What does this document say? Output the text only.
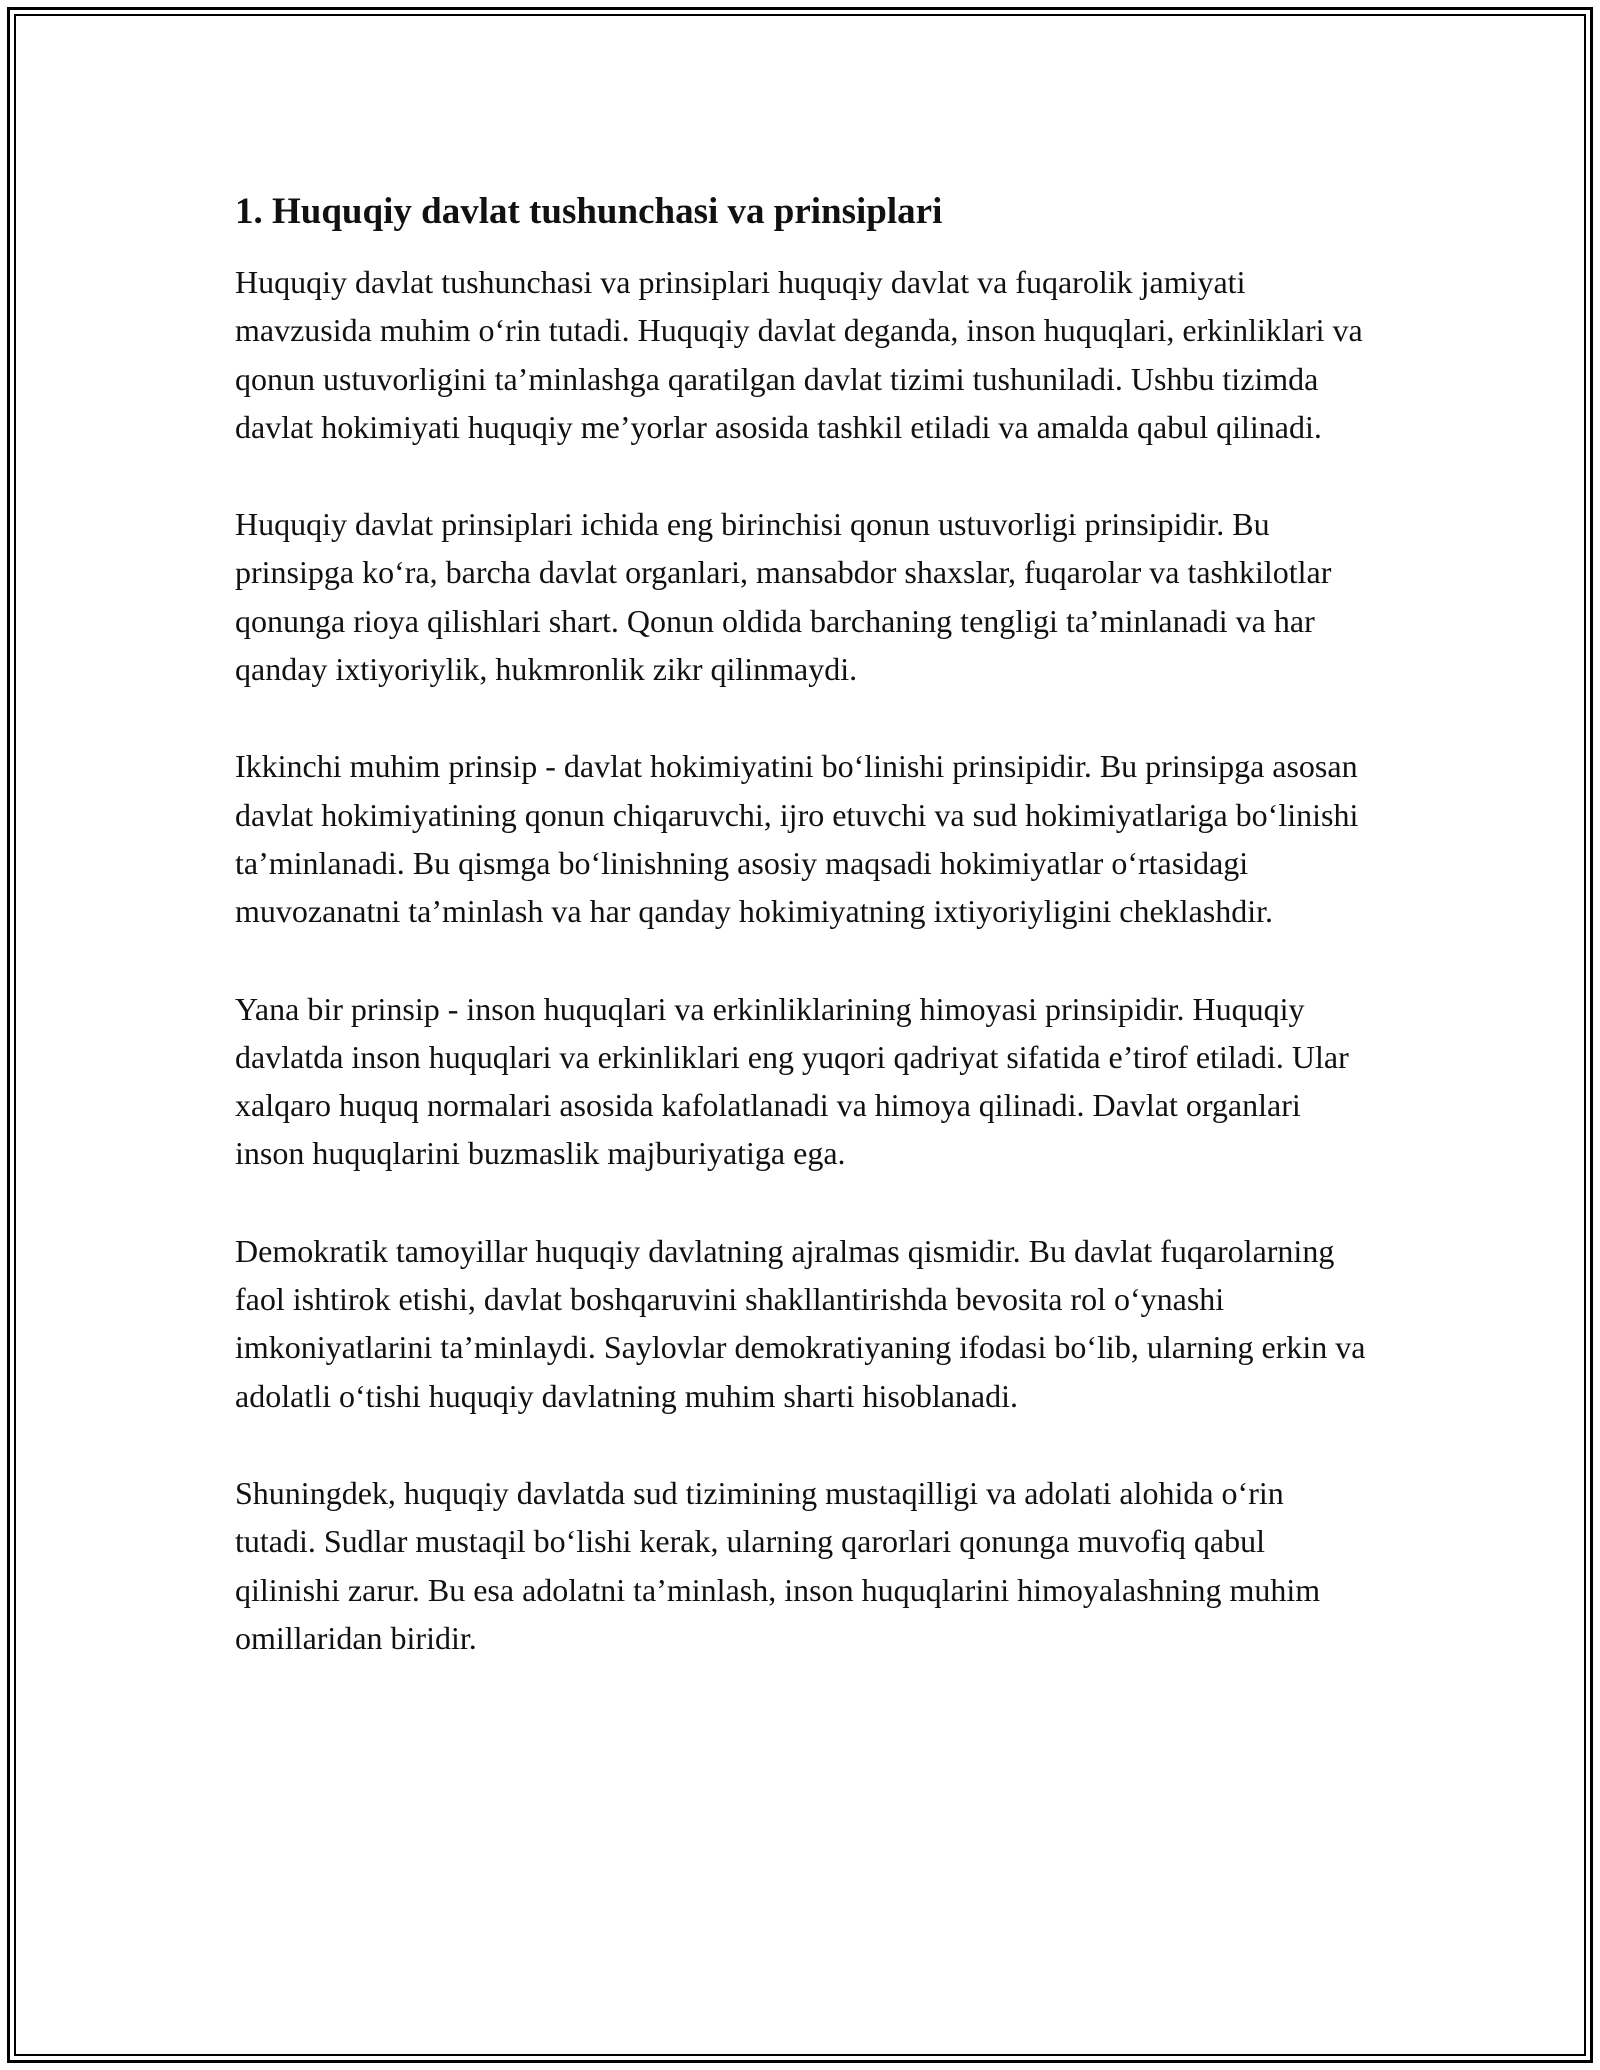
1. Huquqiy davlat tushunchasi va prinsiplari

Huquqiy davlat tushunchasi va prinsiplari huquqiy davlat va fuqarolik jamiyati mavzusida muhim o‘rin tutadi. Huquqiy davlat deganda, inson huquqlari, erkinliklari va qonun ustuvorligini ta’minlashga qaratilgan davlat tizimi tushuniladi. Ushbu tizimda davlat hokimiyati huquqiy me’yorlar asosida tashkil etiladi va amalda qabul qilinadi.

Huquqiy davlat prinsiplari ichida eng birinchisi qonun ustuvorligi prinsipidir. Bu prinsipga ko‘ra, barcha davlat organlari, mansabdor shaxslar, fuqarolar va tashkilotlar qonunga rioya qilishlari shart. Qonun oldida barchaning tengligi ta’minlanadi va har qanday ixtiyoriylik, hukmronlik zikr qilinmaydi.

Ikkinchi muhim prinsip - davlat hokimiyatini bo‘linishi prinsipidir. Bu prinsipga asosan davlat hokimiyatining qonun chiqaruvchi, ijro etuvchi va sud hokimiyatlariga bo‘linishi ta’minlanadi. Bu qismga bo‘linishning asosiy maqsadi hokimiyatlar o‘rtasidagi muvozanatni ta’minlash va har qanday hokimiyatning ixtiyoriyligini cheklashdir.

Yana bir prinsip - inson huquqlari va erkinliklarining himoyasi prinsipidir. Huquqiy davlatda inson huquqlari va erkinliklari eng yuqori qadriyat sifatida e’tirof etiladi. Ular xalqaro huquq normalari asosida kafolatlanadi va himoya qilinadi. Davlat organlari inson huquqlarini buzmaslik majburiyatiga ega.

Demokratik tamoyillar huquqiy davlatning ajralmas qismidir. Bu davlat fuqarolarning faol ishtirok etishi, davlat boshqaruvini shakllantirishda bevosita rol o‘ynashi imkoniyatlarini ta’minlaydi. Saylovlar demokratiyaning ifodasi bo‘lib, ularning erkin va adolatli o‘tishi huquqiy davlatning muhim sharti hisoblanadi.

Shuningdek, huquqiy davlatda sud tizimining mustaqilligi va adolati alohida o‘rin tutadi. Sudlar mustaqil bo‘lishi kerak, ularning qarorlari qonunga muvofiq qabul qilinishi zarur. Bu esa adolatni ta’minlash, inson huquqlarini himoyalashning muhim omillaridan biridir.
